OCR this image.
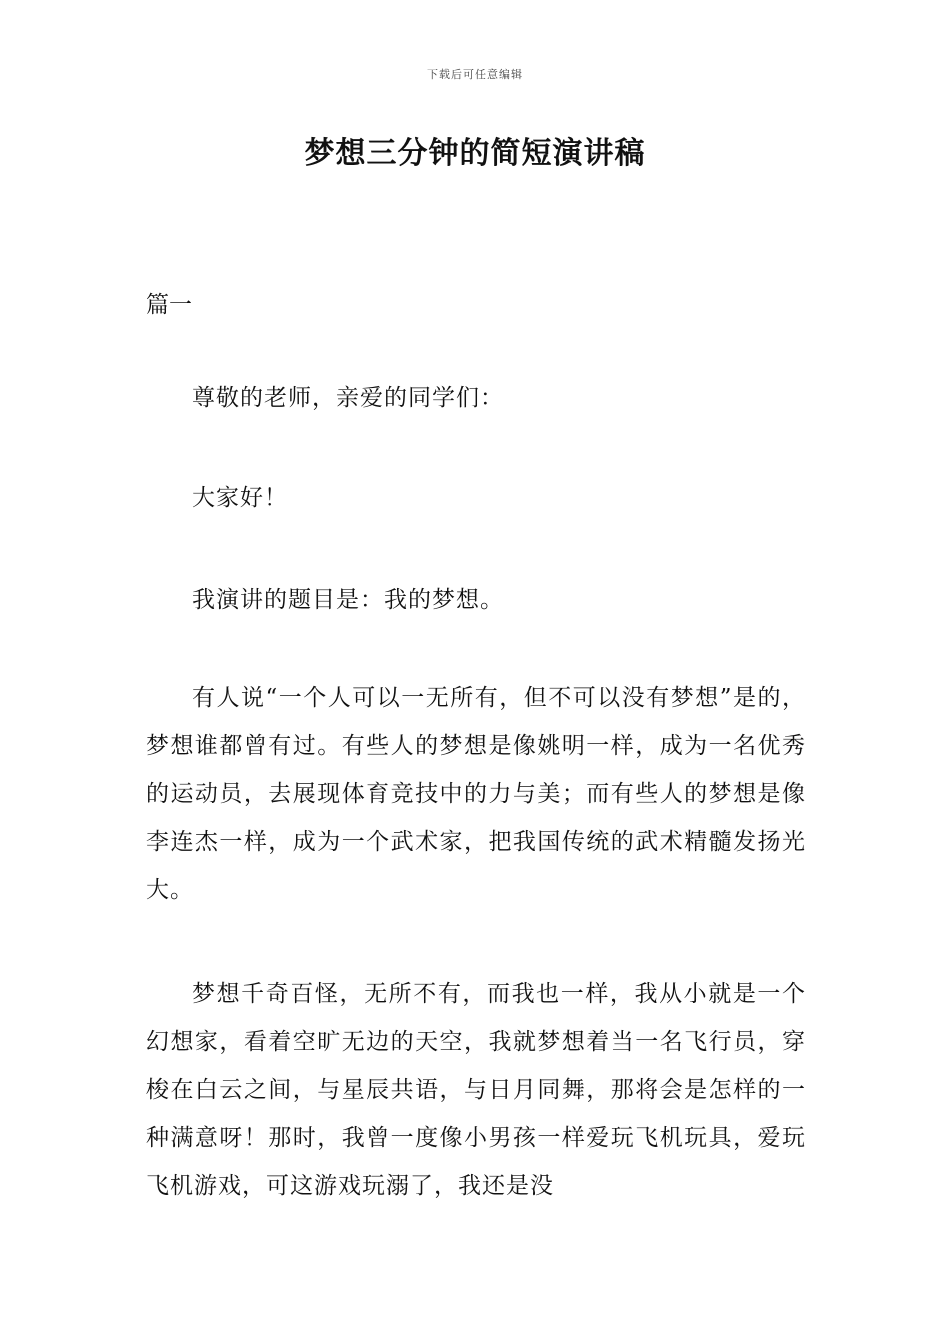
下载后可任意编辑
梦想三分钟的简短演讲稿

篇一

尊敬的老师，亲爱的同学们：

大家好！

我演讲的题目是：我的梦想。

有人说“一个人可以一无所有，但不可以没有梦想”是的，梦想谁都曾有过。有些人的梦想是像姚明一样，成为一名优秀的运动员，去展现体育竞技中的力与美；而有些人的梦想是像李连杰一样，成为一个武术家，把我国传统的武术精髓发扬光大。

梦想千奇百怪，无所不有，而我也一样，我从小就是一个幻想家，看着空旷无边的天空，我就梦想着当一名飞行员，穿梭在白云之间，与星辰共语，与日月同舞，那将会是怎样的一种满意呀！那时，我曾一度像小男孩一样爱玩飞机玩具，爱玩飞机游戏，可这游戏玩溺了，我还是没
